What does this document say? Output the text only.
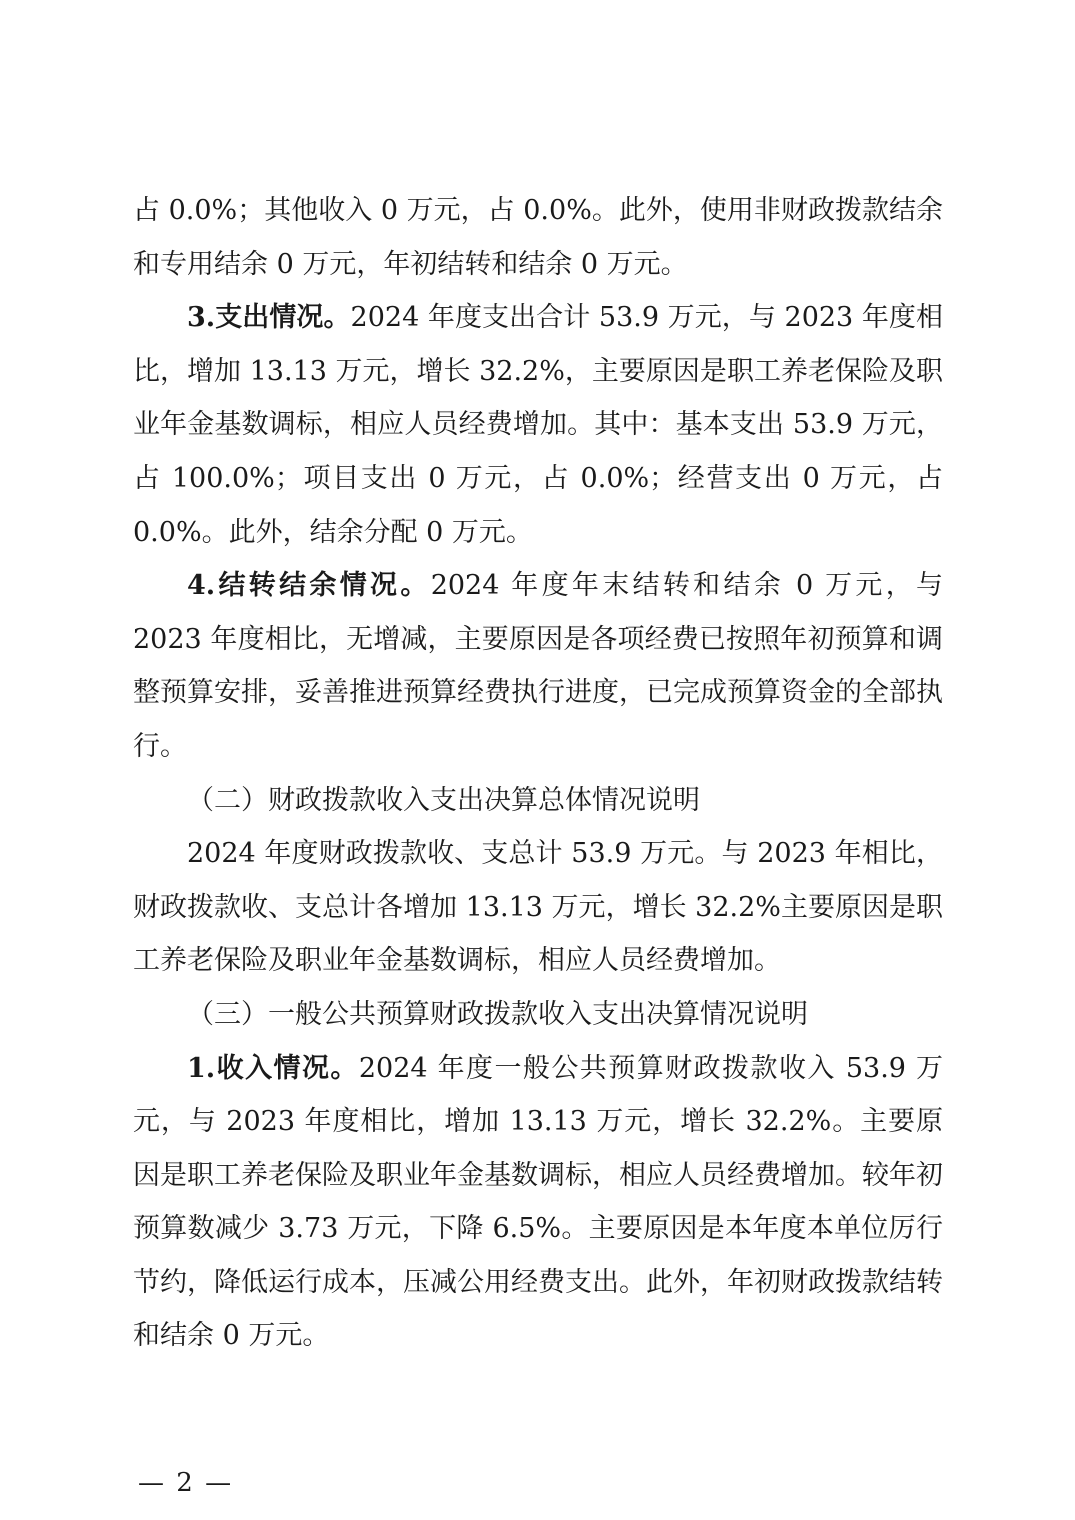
占 0.0%；其他收入 0 万元，占 0.0%。此外，使用非财政拨款结余和专用结余 0 万元，年初结转和结余 0 万元。

3.支出情况。2024 年度支出合计 53.9 万元，与 2023 年度相比，增加 13.13 万元，增长 32.2%，主要原因是职工养老保险及职业年金基数调标，相应人员经费增加。其中：基本支出 53.9 万元，占 100.0%；项目支出 0 万元，占 0.0%；经营支出 0 万元，占 0.0%。此外，结余分配 0 万元。

4.结转结余情况。2024 年度年末结转和结余 0 万元，与 2023 年度相比，无增减，主要原因是各项经费已按照年初预算和调整预算安排，妥善推进预算经费执行进度，已完成预算资金的全部执行。

（二）财政拨款收入支出决算总体情况说明

2024 年度财政拨款收、支总计 53.9 万元。与 2023 年相比，财政拨款收、支总计各增加 13.13 万元，增长 32.2%主要原因是职工养老保险及职业年金基数调标，相应人员经费增加。

（三）一般公共预算财政拨款收入支出决算情况说明

1.收入情况。2024 年度一般公共预算财政拨款收入 53.9 万元，与 2023 年度相比，增加 13.13 万元，增长 32.2%。主要原因是职工养老保险及职业年金基数调标，相应人员经费增加。较年初预算数减少 3.73 万元，下降 6.5%。主要原因是本年度本单位厉行节约，降低运行成本，压减公用经费支出。此外，年初财政拨款结转和结余 0 万元。

— 2 —
